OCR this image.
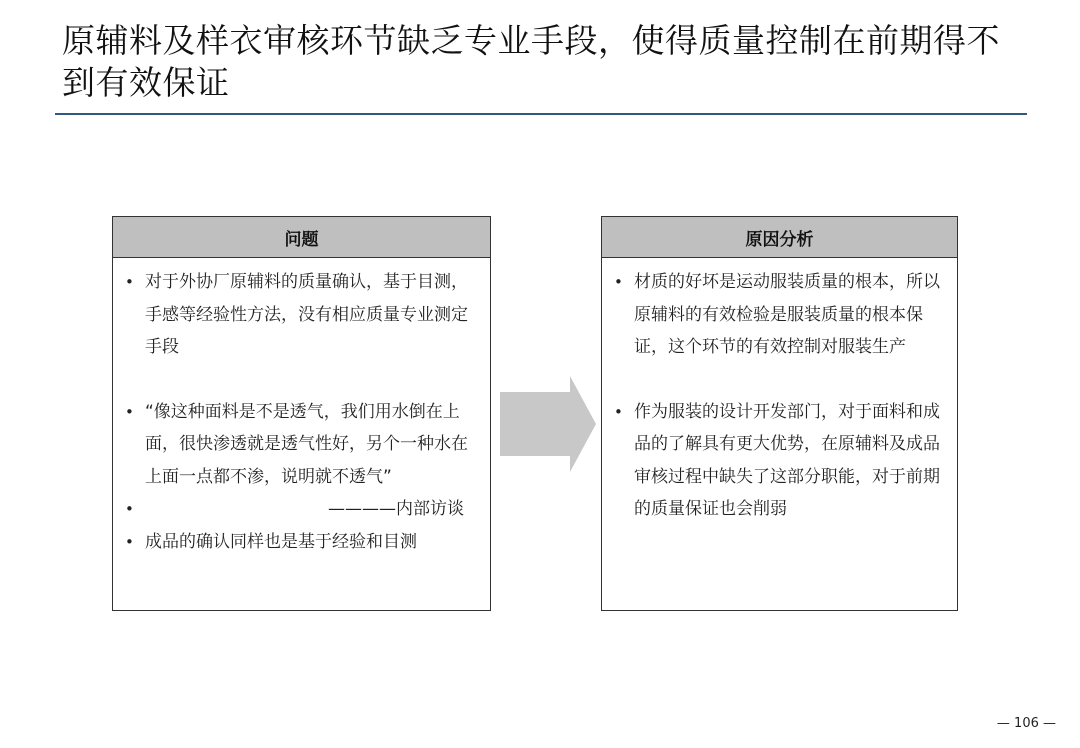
原辅料及样衣审核环节缺乏专业手段，使得质量控制在前期得不到有效保证
问题
• 对于外协厂原辅料的质量确认，基于目测，手感等经验性方法，没有相应质量专业测定手段
• “像这种面料是不是透气，我们用水倒在上面，很快渗透就是透气性好，另个一种水在上面一点都不渗，说明就不透气”
•	————内部访谈
• 成品的确认同样也是基于经验和目测
原因分析
• 材质的好坏是运动服装质量的根本，所以原辅料的有效检验是服装质量的根本保证，这个环节的有效控制对服装生产
• 作为服装的设计开发部门，对于面料和成品的了解具有更大优势，在原辅料及成品审核过程中缺失了这部分职能，对于前期的质量保证也会削弱
— 106 —
